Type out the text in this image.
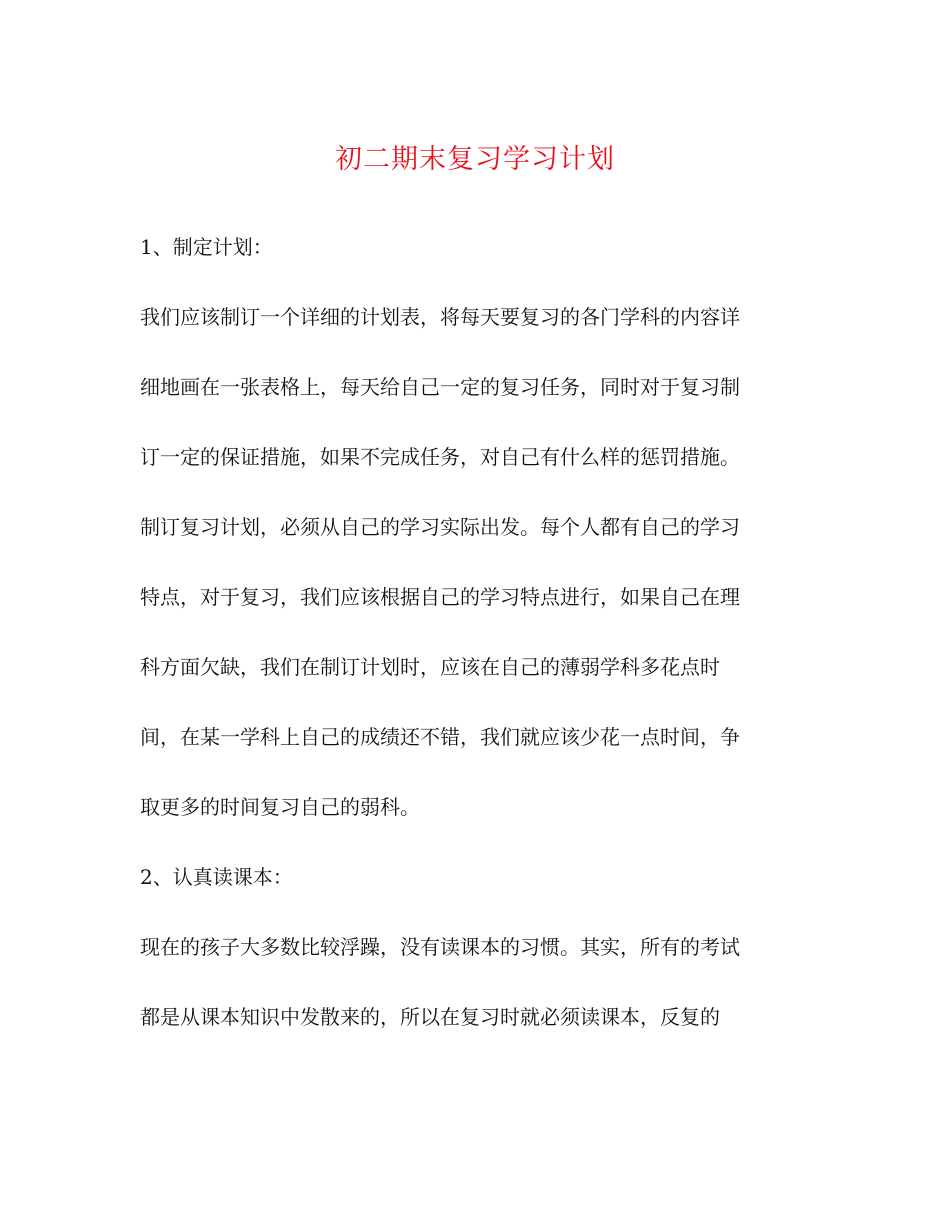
初二期末复习学习计划
1、制定计划：
我们应该制订一个详细的计划表，将每天要复习的各门学科的内容详
细地画在一张表格上，每天给自己一定的复习任务，同时对于复习制
订一定的保证措施，如果不完成任务，对自己有什么样的惩罚措施。
制订复习计划，必须从自己的学习实际出发。每个人都有自己的学习
特点，对于复习，我们应该根据自己的学习特点进行，如果自己在理
科方面欠缺，我们在制订计划时，应该在自己的薄弱学科多花点时
间，在某一学科上自己的成绩还不错，我们就应该少花一点时间，争
取更多的时间复习自己的弱科。
2、认真读课本：
现在的孩子大多数比较浮躁，没有读课本的习惯。其实，所有的考试
都是从课本知识中发散来的，所以在复习时就必须读课本，反复的
